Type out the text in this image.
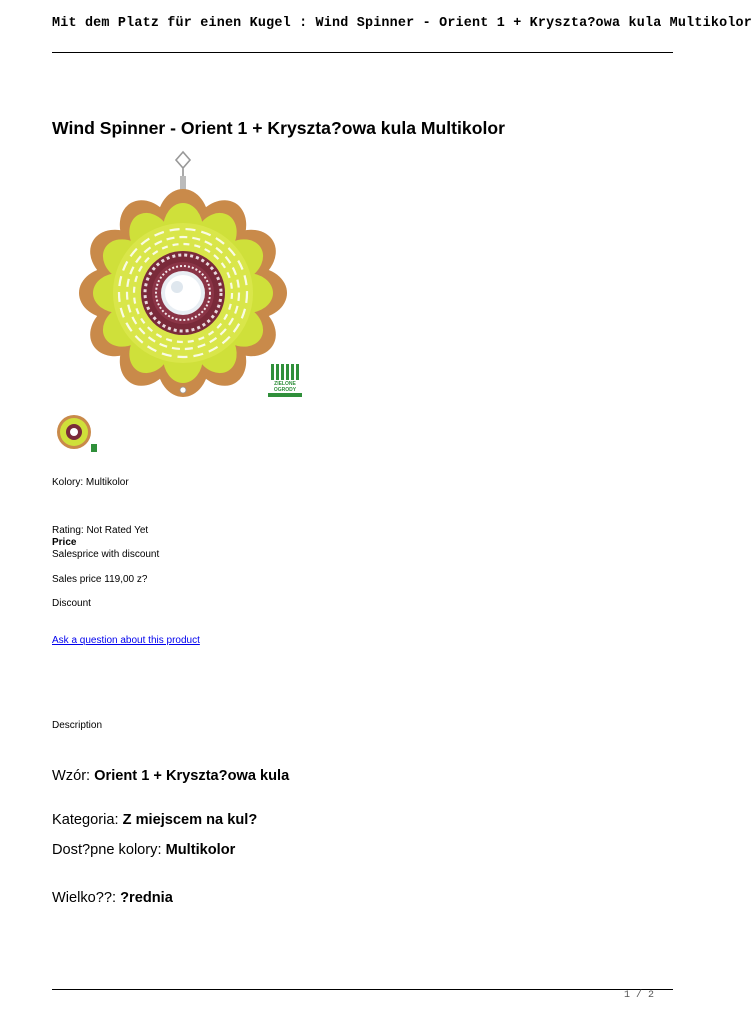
Mit dem Platz für einen Kugel : Wind Spinner - Orient 1 + Kryszta?owa kula Multikolor
Wind Spinner - Orient 1 + Kryszta?owa kula Multikolor
ZIELONE OGRODY
Kolory: Multikolor
Rating: Not Rated Yet
Price
Salesprice with discount
Sales price 119,00 z?
Discount
Ask a question about this product
Description
Wzór: Orient 1 + Kryszta?owa kula
Kategoria: Z miejscem na kul?
Dost?pne kolory: Multikolor
Wielko??: ?rednia
1 / 2
